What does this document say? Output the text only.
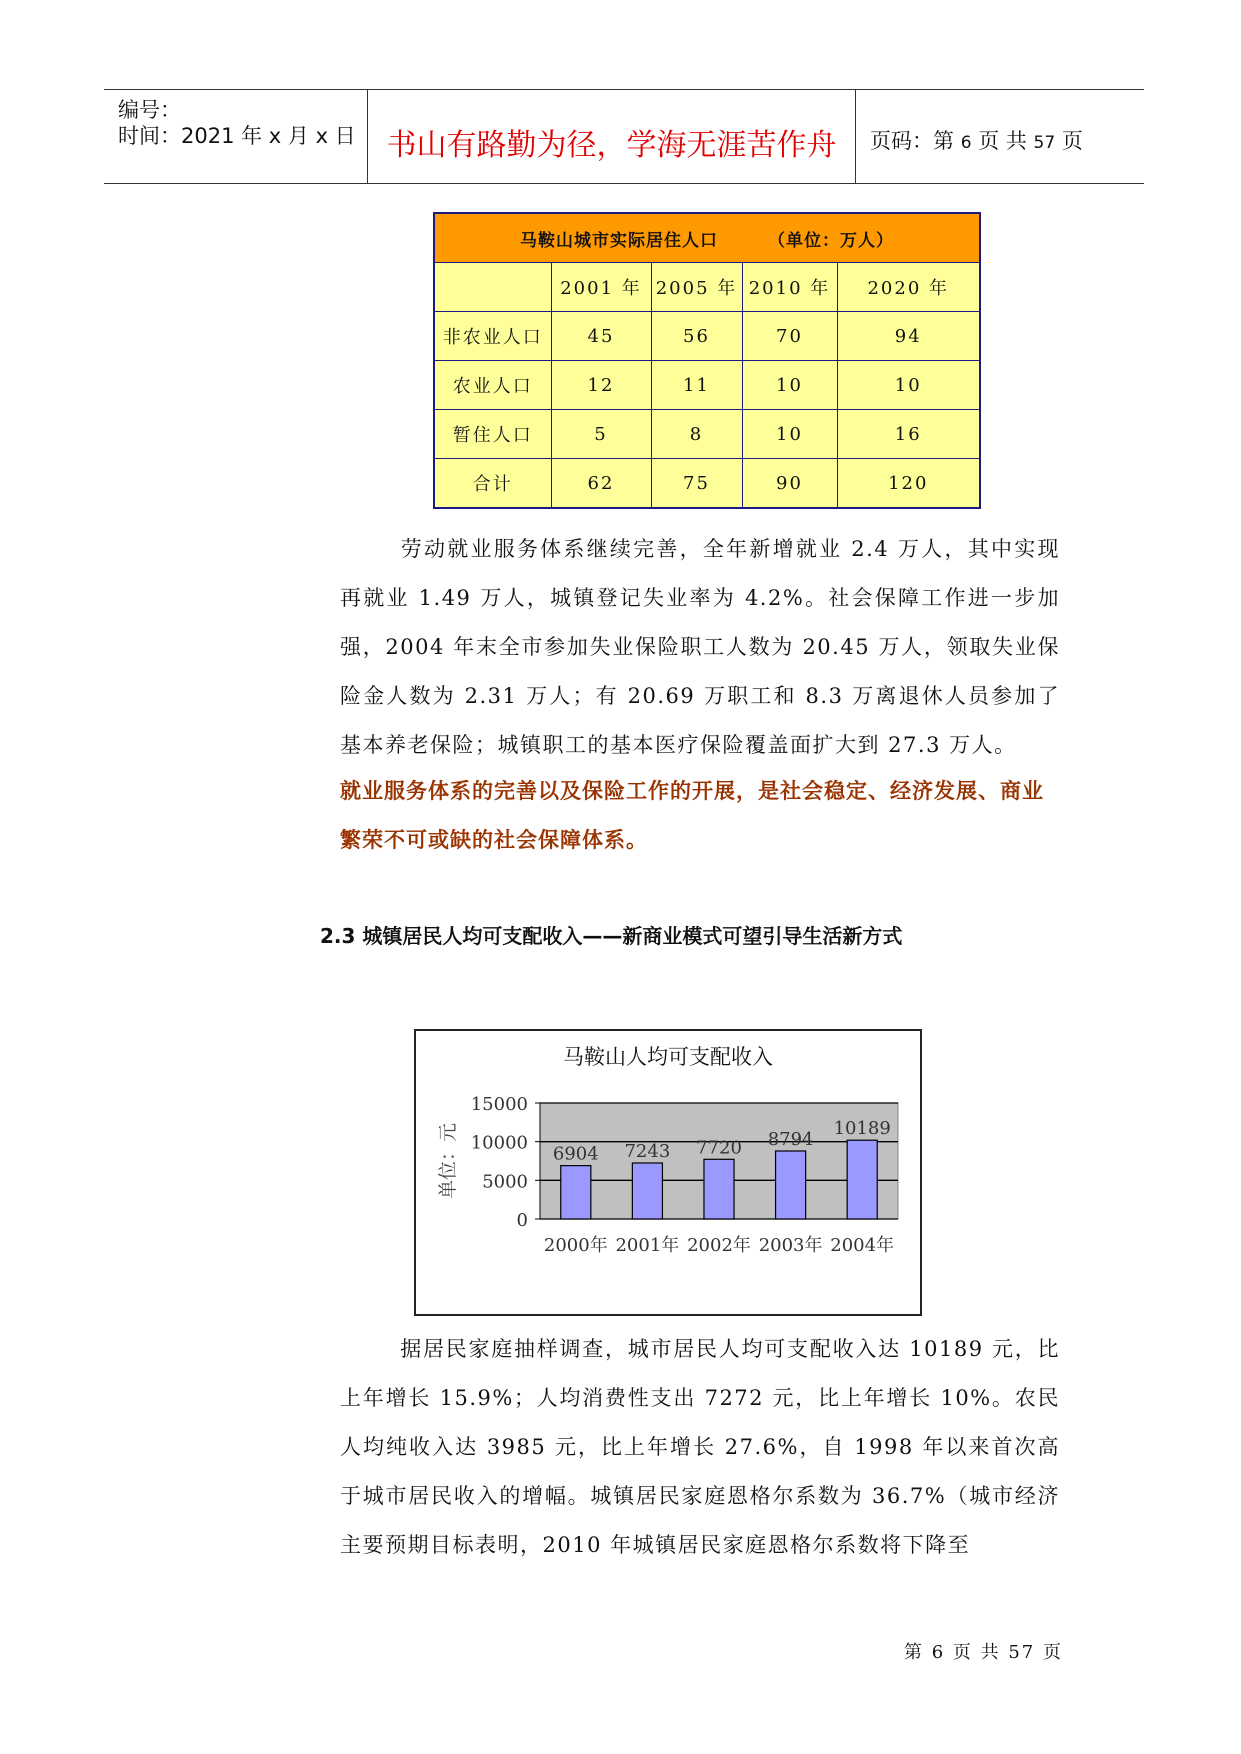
编号：
时间：2021 年 x 月 x 日	书山有路勤为径，学海无涯苦作舟	页码：第 6 页 共 57 页
马鞍山城市实际居住人口 （单位：万人）				
	2001 年	2005 年	2010 年	2020 年
非农业人口	45	56	70	94
农业人口	12	11	10	10
暂住人口	5	8	10	16
合计	62	75	90	120

劳动就业服务体系继续完善，全年新增就业 2.4 万人，其中实现再就业 1.49 万人，城镇登记失业率为 4.2%。社会保障工作进一步加强，2004 年末全市参加失业保险职工人数为 20.45 万人，领取失业保险金人数为 2.31 万人；有 20.69 万职工和 8.3 万离退休人员参加了基本养老保险；城镇职工的基本医疗保险覆盖面扩大到 27.3 万人。

就业服务体系的完善以及保险工作的开展，是社会稳定、经济发展、商业繁荣不可或缺的社会保障体系。

2.3 城镇居民人均可支配收入——新商业模式可望引导生活新方式

马鞍山人均可支配收入
6904 7243 7720 8794
10189
0
5000
10000
15000
2000年 2001年 2002年 2003年 2004年
单位：元

据居民家庭抽样调查，城市居民人均可支配收入达 10189 元，比上年增长 15.9%；人均消费性支出 7272 元，比上年增长 10%。农民人均纯收入达 3985 元，比上年增长 27.6%，自 1998 年以来首次高于城市居民收入的增幅。城镇居民家庭恩格尔系数为 36.7%（城市经济主要预期目标表明，2010 年城镇居民家庭恩格尔系数将下降至

第 6 页 共 57 页
